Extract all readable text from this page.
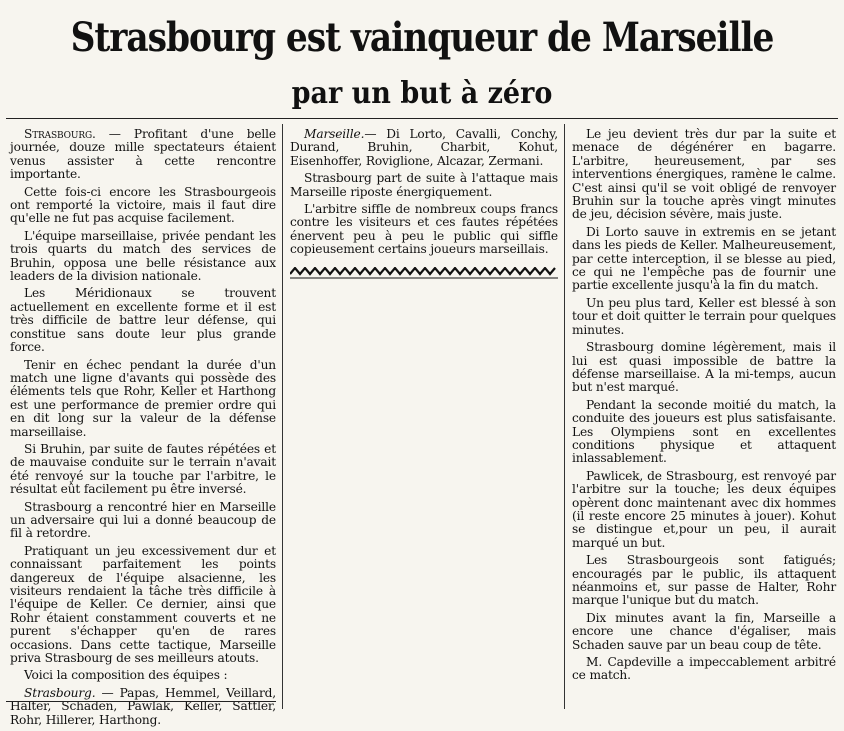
Strasbourg est vainqueur de Marseille
par un but à zéro

Strasbourg. — Profitant d'une belle journée, douze mille spectateurs étaient venus assister à cette rencontre importante.

Cette fois-ci encore les Strasbourgeois ont remporté la victoire, mais il faut dire qu'elle ne fut pas acquise facilement.

L'équipe marseillaise, privée pendant les trois quarts du match des services de Bruhin, opposa une belle résistance aux leaders de la division nationale.

Les Méridionaux se trouvent actuellement en excellente forme et il est très difficile de battre leur défense, qui constitue sans doute leur plus grande force.

Tenir en échec pendant la durée d'un match une ligne d'avants qui possède des éléments tels que Rohr, Keller et Harthong est une performance de premier ordre qui en dit long sur la valeur de la défense marseillaise.

Si Bruhin, par suite de fautes répétées et de mauvaise conduite sur le terrain n'avait été renvoyé sur la touche par l'arbitre, le résultat eût facilement pu être inversé.

Strasbourg a rencontré hier en Marseille un adversaire qui lui a donné beaucoup de fil à retordre.

Pratiquant un jeu excessivement dur et connaissant parfaitement les points dangereux de l'équipe alsacienne, les visiteurs rendaient la tâche très difficile à l'équipe de Keller. Ce dernier, ainsi que Rohr étaient constamment couverts et ne purent s'échapper qu'en de rares occasions. Dans cette tactique, Marseille priva Strasbourg de ses meilleurs atouts.

Voici la composition des équipes :

Strasbourg. — Papas, Hemmel, Veillard, Halter, Schaden, Pawlak, Keller, Sattler, Rohr, Hillerer, Harthong.

Marseille.— Di Lorto, Cavalli, Conchy, Durand, Bruhin, Charbit, Kohut, Eisenhoffer, Roviglione, Alcazar, Zermani.

Strasbourg part de suite à l'attaque mais Marseille riposte énergiquement.

L'arbitre siffle de nombreux coups francs contre les visiteurs et ces fautes répétées énervent peu à peu le public qui siffle copieusement certains joueurs marseillais.

Le jeu devient très dur par la suite et menace de dégénérer en bagarre. L'arbitre, heureusement, par ses interventions énergiques, ramène le calme. C'est ainsi qu'il se voit obligé de renvoyer Bruhin sur la touche après vingt minutes de jeu, décision sévère, mais juste.

Di Lorto sauve in extremis en se jetant dans les pieds de Keller. Malheureusement, par cette interception, il se blesse au pied, ce qui ne l'empêche pas de fournir une partie excellente jusqu'à la fin du match.

Un peu plus tard, Keller est blessé à son tour et doit quitter le terrain pour quelques minutes.

Strasbourg domine légèrement, mais il lui est quasi impossible de battre la défense marseillaise. A la mi-temps, aucun but n'est marqué.

Pendant la seconde moitié du match, la conduite des joueurs est plus satisfaisante. Les Olympiens sont en excellentes conditions physique et attaquent inlassablement.

Pawlicek, de Strasbourg, est renvoyé par l'arbitre sur la touche; les deux équipes opèrent donc maintenant avec dix hommes (il reste encore 25 minutes à jouer). Kohut se distingue et,pour un peu, il aurait marqué un but.

Les Strasbourgeois sont fatigués; encouragés par le public, ils attaquent néanmoins et, sur passe de Halter, Rohr marque l'unique but du match.

Dix minutes avant la fin, Marseille a encore une chance d'égaliser, mais Schaden sauve par un beau coup de tête.

M. Capdeville a impeccablement arbitré ce match.
